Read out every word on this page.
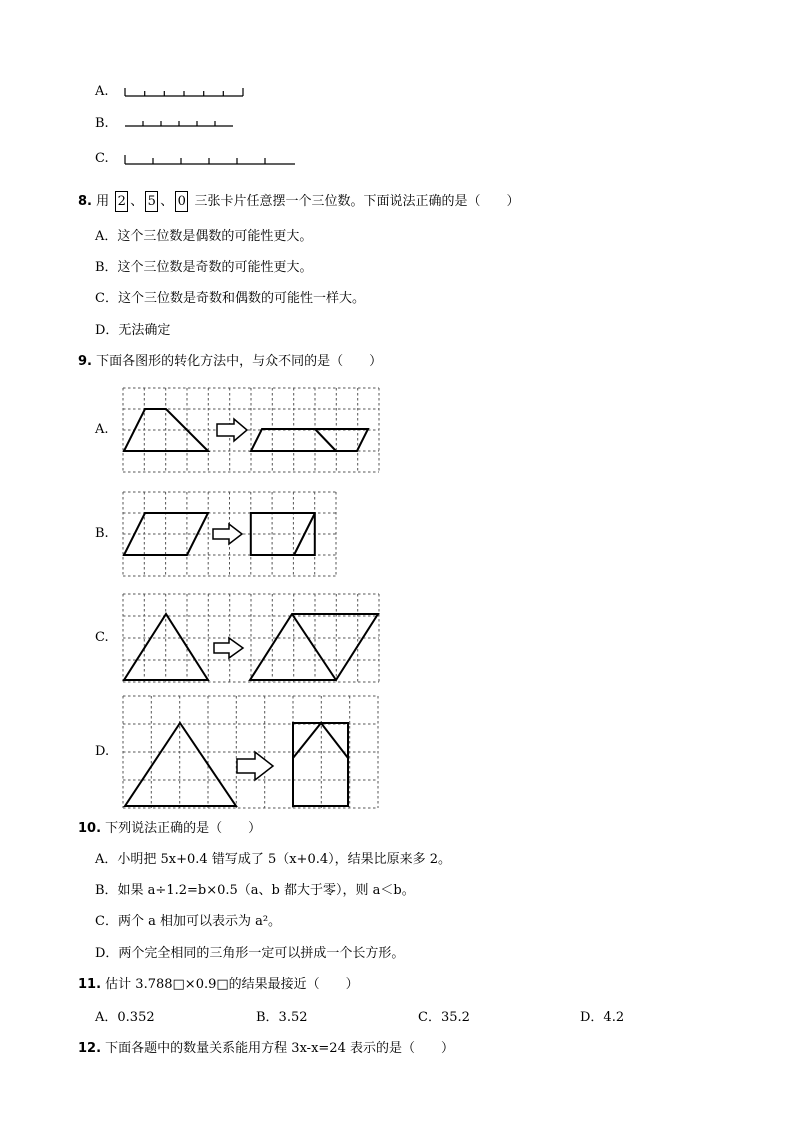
A.
B.
C.
8. 用 2 、 5 、 0 三张卡片任意摆一个三位数。下面说法正确的是（　　）
A．这个三位数是偶数的可能性更大。
B．这个三位数是奇数的可能性更大。
C．这个三位数是奇数和偶数的可能性一样大。
D．无法确定
9. 下面各图形的转化方法中，与众不同的是（　　）
A.
B.
C.
D.
10. 下列说法正确的是（　　）
A．小明把 5x+0.4 错写成了 5（x+0.4），结果比原来多 2。
B．如果 a÷1.2=b×0.5（a、b 都大于零），则 a＜b。
C．两个 a 相加可以表示为 a²。
D．两个完全相同的三角形一定可以拼成一个长方形。
11. 估计 3.788□×0.9□的结果最接近（　　）
A．0.352	B．3.52	C．35.2	D．4.2
12. 下面各题中的数量关系能用方程 3x-x=24 表示的是（　　）
